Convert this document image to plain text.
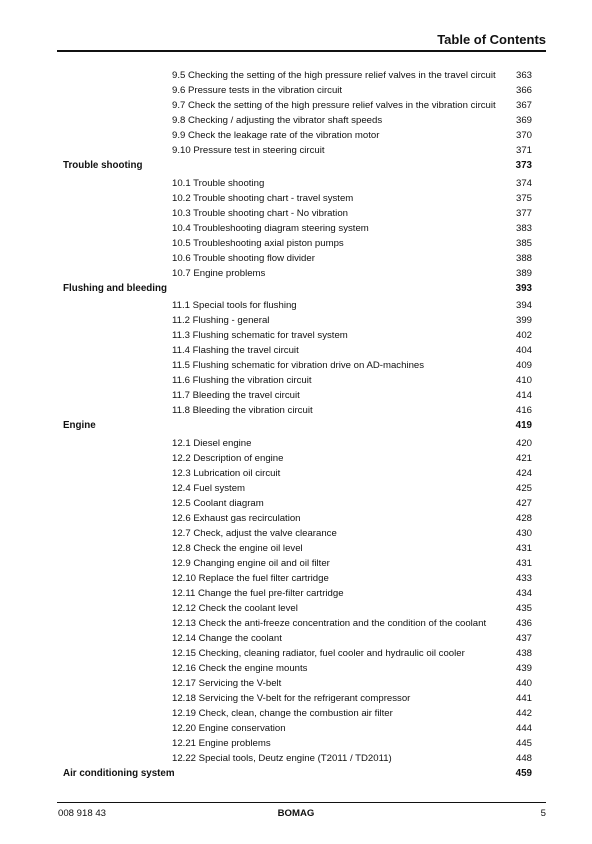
Table of Contents
9.5 Checking the setting of the high pressure relief valves in the travel circuit 363
9.6 Pressure tests in the vibration circuit	366
9.7 Check the setting of the high pressure relief valves in the vibration circuit 367
9.8 Checking / adjusting the vibrator shaft speeds	369
9.9 Check the leakage rate of the vibration motor	370
9.10 Pressure test in steering circuit	371
Trouble shooting	373
10.1 Trouble shooting	374
10.2 Trouble shooting chart - travel system	375
10.3 Trouble shooting chart - No vibration	377
10.4 Troubleshooting diagram steering system	383
10.5 Troubleshooting axial piston pumps	385
10.6 Trouble shooting flow divider	388
10.7 Engine problems	389
Flushing and bleeding	393
11.1 Special tools for flushing	394
11.2 Flushing - general	399
11.3 Flushing schematic for travel system	402
11.4 Flashing the travel circuit	404
11.5 Flushing schematic for vibration drive on AD-machines	409
11.6 Flushing the vibration circuit	410
11.7 Bleeding the travel circuit	414
11.8 Bleeding the vibration circuit	416
Engine	419
12.1 Diesel engine	420
12.2 Description of engine	421
12.3 Lubrication oil circuit	424
12.4 Fuel system	425
12.5 Coolant diagram	427
12.6 Exhaust gas recirculation	428
12.7 Check, adjust the valve clearance	430
12.8 Check the engine oil level	431
12.9 Changing engine oil and oil filter	431
12.10 Replace the fuel filter cartridge	433
12.11 Change the fuel pre-filter cartridge	434
12.12 Check the coolant level	435
12.13 Check the anti-freeze concentration and the condition of the coolant	436
12.14 Change the coolant	437
12.15 Checking, cleaning radiator, fuel cooler and hydraulic oil cooler	438
12.16 Check the engine mounts	439
12.17 Servicing the V-belt	440
12.18 Servicing the V-belt for the refrigerant compressor	441
12.19 Check, clean, change the combustion air filter	442
12.20 Engine conservation	444
12.21 Engine problems	445
12.22 Special tools, Deutz engine (T2011 / TD2011)	448
Air conditioning system	459
008 918 43	BOMAG	5
